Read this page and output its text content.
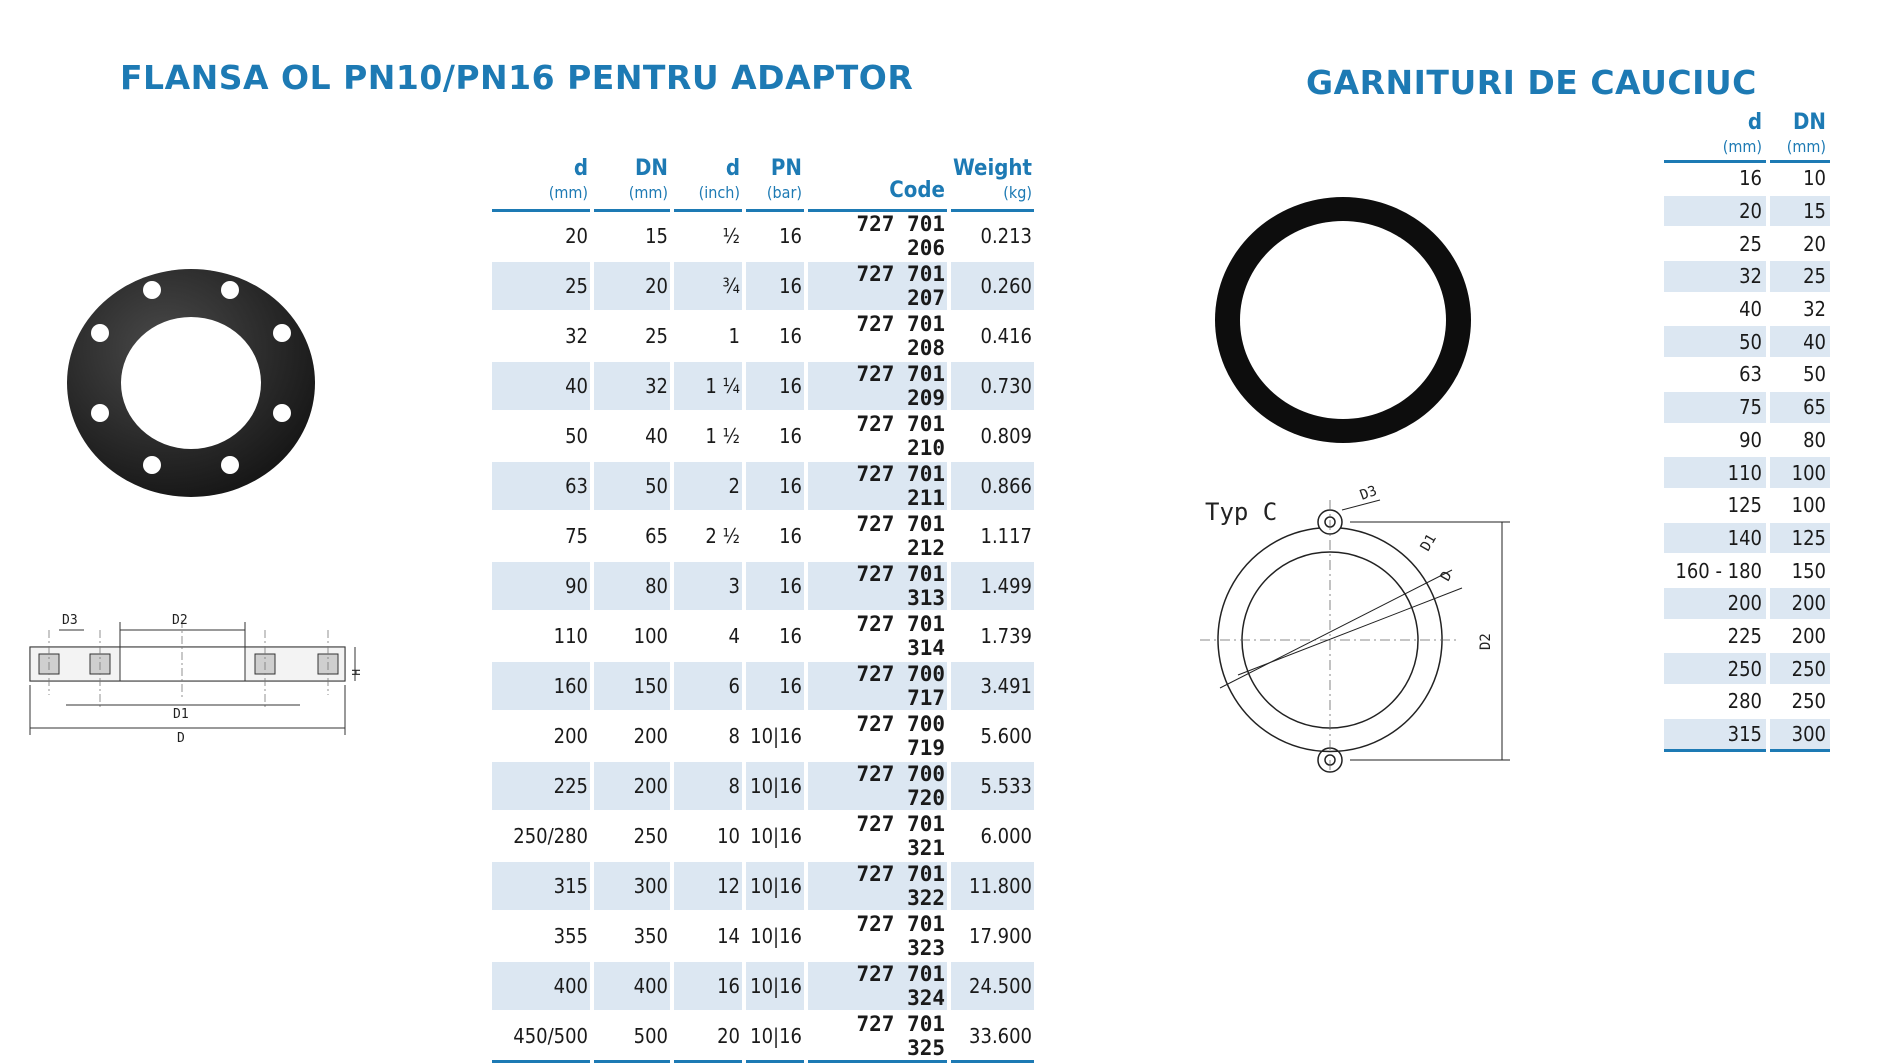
FLANSA OL PN10/PN16 PENTRU ADAPTOR	GARNITURI DE CAUCIUC
D3	D2
D1
D
H
d
(mm)	DN
(mm)	d
(inch)	PN
(bar)	Code	Weight
(kg)

20	15	½	16	727 701 206	0.213
25	20	¾	16	727 701 207	0.260
32	25	1	16	727 701 208	0.416
40	32	1 ¼	16	727 701 209	0.730
50	40	1 ½	16	727 701 210	0.809
63	50	2	16	727 701 211	0.866
75	65	2 ½	16	727 701 212	1.117
90	80	3	16	727 701 313	1.499
110	100	4	16	727 701 314	1.739
160	150	6	16	727 700 717	3.491
200	200	8	10|16	727 700 719	5.600
225	200	8	10|16	727 700 720	5.533
250/280	250	10	10|16	727 701 321	6.000
315	300	12	10|16	727 701 322	11.800
355	350	14	10|16	727 701 323	17.900
400	400	16	10|16	727 701 324	24.500
450/500	500	20	10|16	727 701 325	33.600
Typ C
D3
D1
D
D2
d
(mm)	DN
(mm)

16	10
20	15
25	20
32	25
40	32
50	40
63	50
75	65
90	80
110	100
125	100
140	125
160 - 180	150
200	200
225	200
250	250
280	250
315	300
